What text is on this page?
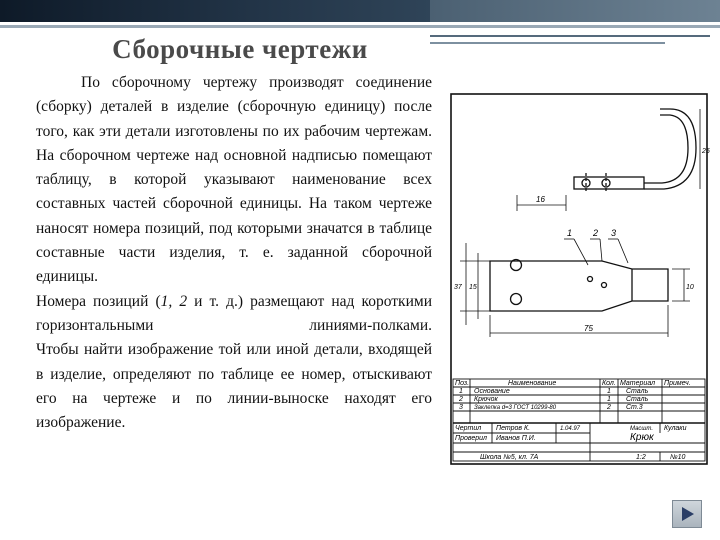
Сборочные чертежи

По сборочному чертежу производят соединение (сборку) деталей в изделие (сборочную единицу) после того, как эти детали изготовлены по их рабочим чертежам.

На сборочном чертеже над основной надписью помещают таблицу, в которой указывают наименование всех составных частей сборочной единицы. На таком чертеже наносят номера позиций, под которыми значатся в таблице составные части изделия, т. е. заданной сборочной единицы.

Номера позиций (1, 2 и т. д.) размещают над короткими горизонтальными линиями-полками.

Чтобы найти изображение той или иной детали, входящей в изделие, определяют по таблице ее номер, отыскивают его на чертеже и по линии-выноске находят его изображение.

16
25
1 2 3
37 15	10
75
Поз.	Наименование	Кол. Материал Примеч.
1 Основание	1 Сталь
2 Крючок	1 Сталь
3 Заклепка d=3 ГОСТ 10299-80	2 Ст.3
Чертил Петров К.	1.04.97	Масшт. Кулаки
Проверил Иванов П.И.	Крюк
Школа №5, кл. 7А	1:2	№10
